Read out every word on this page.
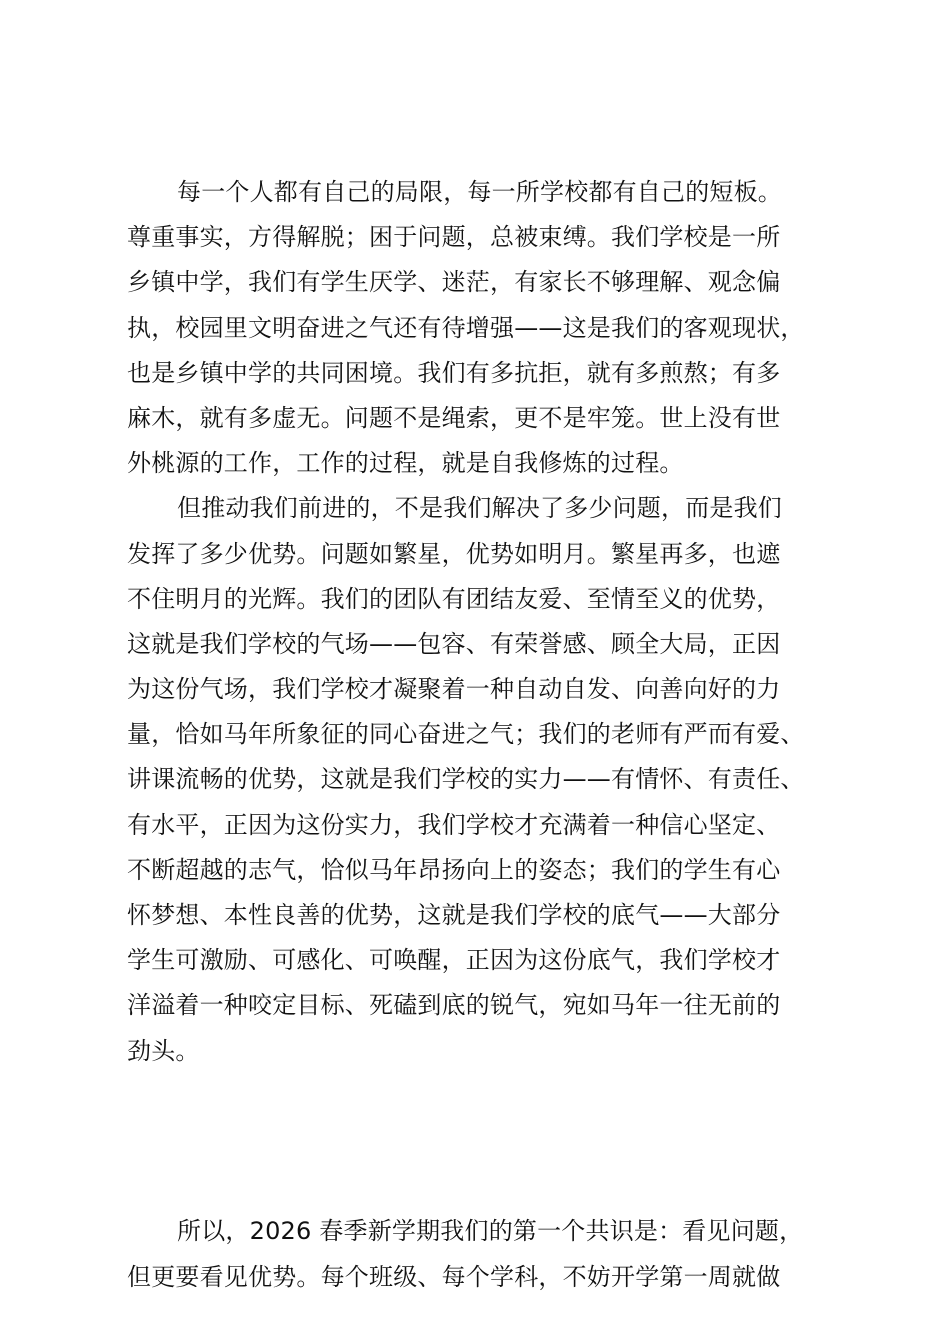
每一个人都有自己的局限，每一所学校都有自己的短板。
尊重事实，方得解脱；困于问题，总被束缚。我们学校是一所
乡镇中学，我们有学生厌学、迷茫，有家长不够理解、观念偏
执，校园里文明奋进之气还有待增强——这是我们的客观现状，
也是乡镇中学的共同困境。我们有多抗拒，就有多煎熬；有多
麻木，就有多虚无。问题不是绳索，更不是牢笼。世上没有世
外桃源的工作，工作的过程，就是自我修炼的过程。
但推动我们前进的，不是我们解决了多少问题，而是我们
发挥了多少优势。问题如繁星，优势如明月。繁星再多，也遮
不住明月的光辉。我们的团队有团结友爱、至情至义的优势，
这就是我们学校的气场——包容、有荣誉感、顾全大局，正因
为这份气场，我们学校才凝聚着一种自动自发、向善向好的力
量，恰如马年所象征的同心奋进之气；我们的老师有严而有爱、
讲课流畅的优势，这就是我们学校的实力——有情怀、有责任、
有水平，正因为这份实力，我们学校才充满着一种信心坚定、
不断超越的志气，恰似马年昂扬向上的姿态；我们的学生有心
怀梦想、本性良善的优势，这就是我们学校的底气——大部分
学生可激励、可感化、可唤醒，正因为这份底气，我们学校才
洋溢着一种咬定目标、死磕到底的锐气，宛如马年一往无前的
劲头。
所以，2026 春季新学期我们的第一个共识是：看见问题，
但更要看见优势。每个班级、每个学科，不妨开学第一周就做
